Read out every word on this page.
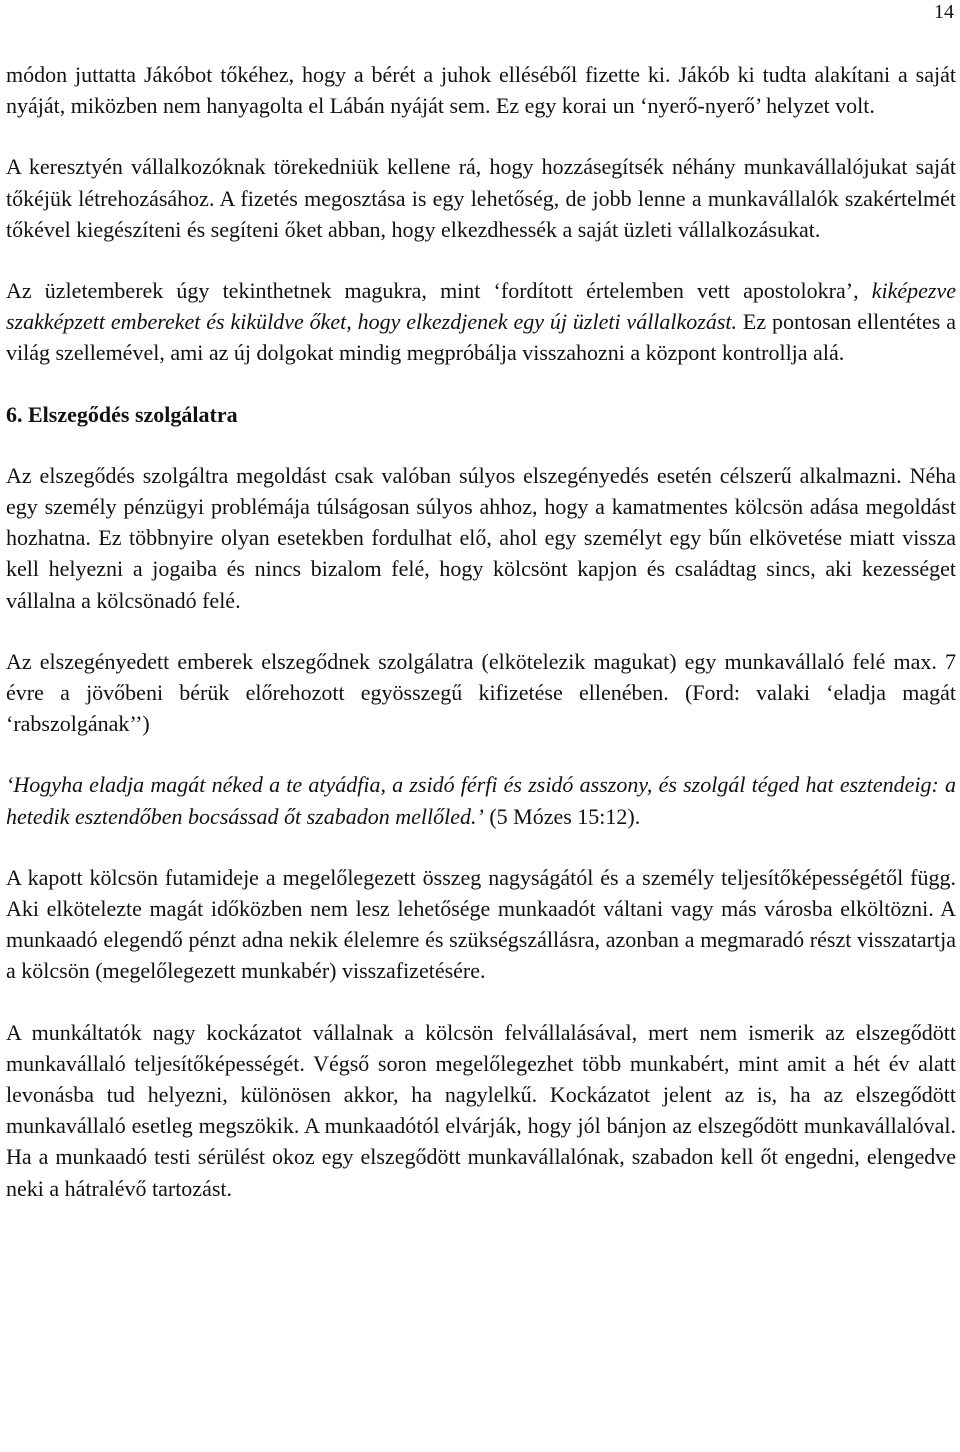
14

módon juttatta Jákóbot tőkéhez, hogy a bérét a juhok elléséből fizette ki. Jákób ki tudta alakítani a saját nyáját, miközben nem hanyagolta el Lábán nyáját sem. Ez egy korai un ‘nyerő-nyerő’ helyzet volt.

A keresztyén vállalkozóknak törekedniük kellene rá, hogy hozzásegítsék néhány munkavállalójukat saját tőkéjük létrehozásához. A fizetés megosztása is egy lehetőség, de jobb lenne a munkavállalók szakértelmét tőkével kiegészíteni és segíteni őket abban, hogy elkezdhessék a saját üzleti vállalkozásukat.

Az üzletemberek úgy tekinthetnek magukra, mint ‘fordított értelemben vett apostolokra’, kiképezve szakképzett embereket és kiküldve őket, hogy elkezdjenek egy új üzleti vállalkozást. Ez pontosan ellentétes a világ szellemével, ami az új dolgokat mindig megpróbálja visszahozni a központ kontrollja alá.

6. Elszegődés szolgálatra

Az elszegődés szolgáltra megoldást csak valóban súlyos elszegényedés esetén célszerű alkalmazni. Néha egy személy pénzügyi problémája túlságosan súlyos ahhoz, hogy a kamatmentes kölcsön adása megoldást hozhatna. Ez többnyire olyan esetekben fordulhat elő, ahol egy személyt egy bűn elkövetése miatt vissza kell helyezni a jogaiba és nincs bizalom felé, hogy kölcsönt kapjon és családtag sincs, aki kezességet vállalna a kölcsönadó felé.

Az elszegényedett emberek elszegődnek szolgálatra (elkötelezik magukat) egy munkavállaló felé max. 7 évre a jövőbeni bérük előrehozott egyösszegű kifizetése ellenében. (Ford: valaki ‘eladja magát ‘rabszolgának’’)

‘Hogyha eladja magát néked a te atyádfia, a zsidó férfi és zsidó asszony, és szolgál téged hat esztendeig: a hetedik esztendőben bocsássad őt szabadon mellőled.’ (5 Mózes 15:12).

A kapott kölcsön futamideje a megelőlegezett összeg nagyságától és a személy teljesítőképességétől függ. Aki elkötelezte magát időközben nem lesz lehetősége munkaadót váltani vagy más városba elköltözni. A munkaadó elegendő pénzt adna nekik élelemre és szükségszállásra, azonban a megmaradó részt visszatartja a kölcsön (megelőlegezett munkabér) visszafizetésére.

A munkáltatók nagy kockázatot vállalnak a kölcsön felvállalásával, mert nem ismerik az elszegődött munkavállaló teljesítőképességét. Végső soron megelőlegezhet több munkabért, mint amit a hét év alatt levonásba tud helyezni, különösen akkor, ha nagylelkű. Kockázatot jelent az is, ha az elszegődött munkavállaló esetleg megszökik. A munkaadótól elvárják, hogy jól bánjon az elszegődött munkavállalóval. Ha a munkaadó testi sérülést okoz egy elszegődött munkavállalónak, szabadon kell őt engedni, elengedve neki a hátralévő tartozást.
